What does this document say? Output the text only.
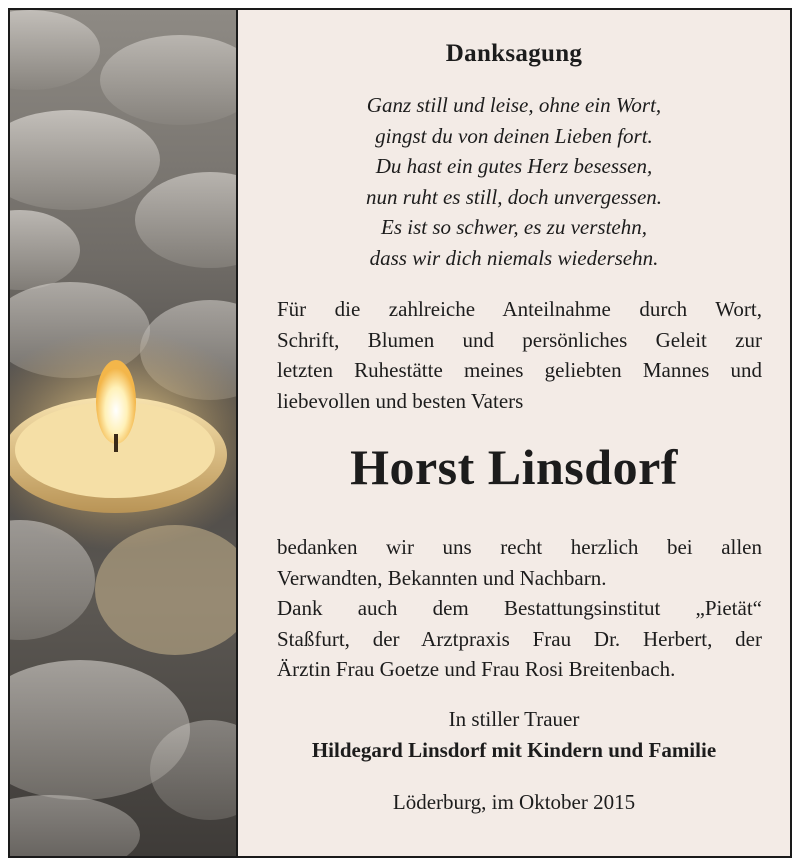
Danksagung
Ganz still und leise, ohne ein Wort,
gingst du von deinen Lieben fort.
Du hast ein gutes Herz besessen,
nun ruht es still, doch unvergessen.
Es ist so schwer, es zu verstehn,
dass wir dich niemals wiedersehn.
Für die zahlreiche Anteilnahme durch Wort,
Schrift, Blumen und persönliches Geleit zur
letzten Ruhestätte meines geliebten Mannes und
liebevollen und besten Vaters
Horst Linsdorf
bedanken wir uns recht herzlich bei allen
Verwandten, Bekannten und Nachbarn.
Dank auch dem Bestattungsinstitut „Pietät“
Staßfurt, der Arztpraxis Frau Dr. Herbert, der
Ärztin Frau Goetze und Frau Rosi Breitenbach.
In stiller Trauer
Hildegard Linsdorf mit Kindern und Familie
Löderburg, im Oktober 2015
